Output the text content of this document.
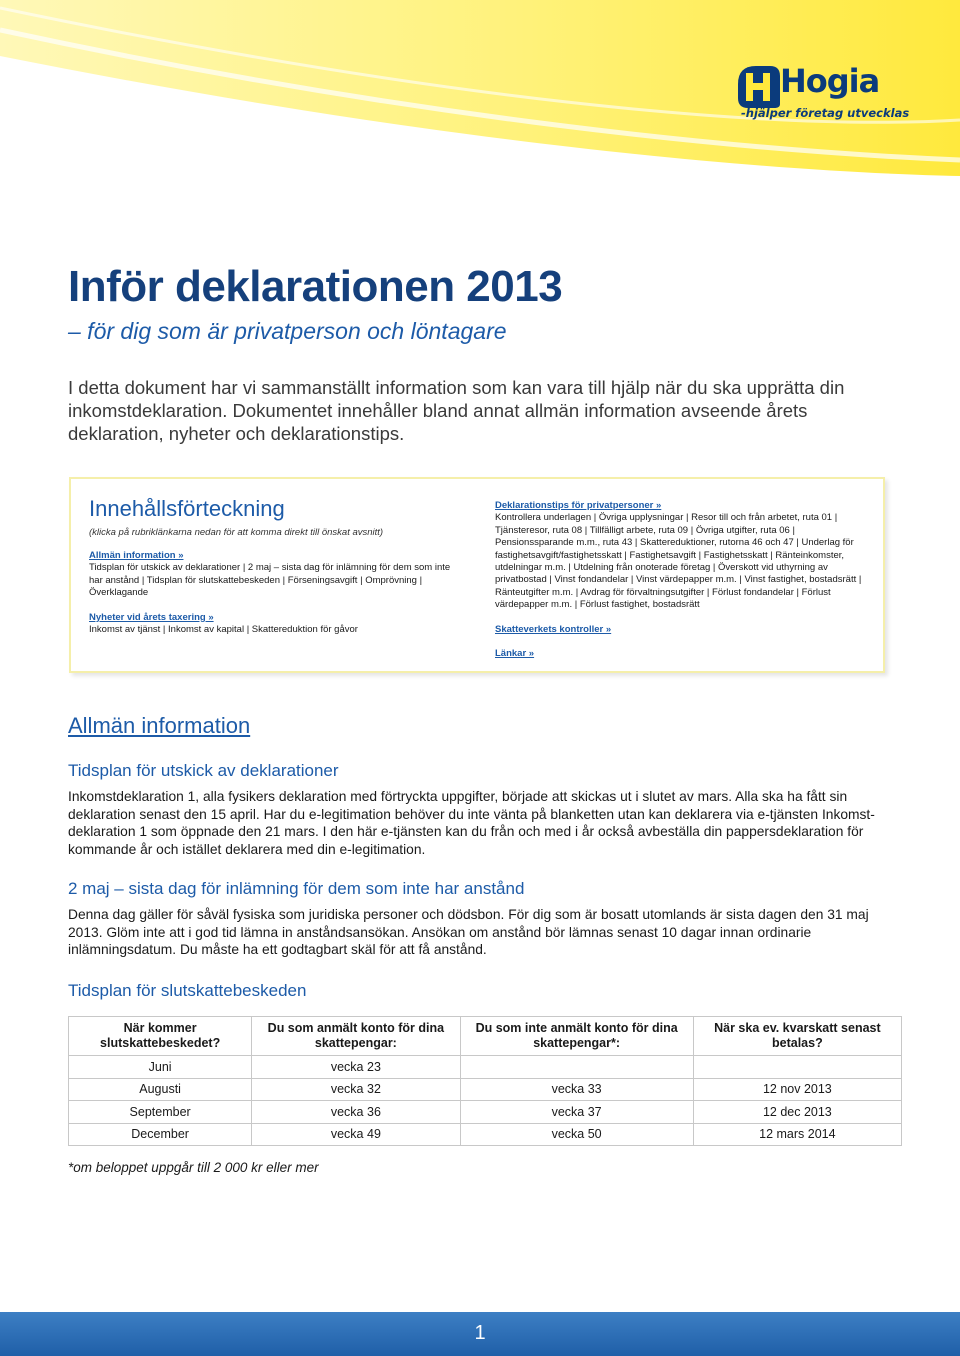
Hogia
-hjälper företag utvecklas
Inför deklarationen 2013

– för dig som är privatperson och löntagare

I detta dokument har vi sammanställt information som kan vara till hjälp när du ska upprätta din inkomstdeklaration. Dokumentet innehåller bland annat allmän information avseende årets deklaration, nyheter och deklarationstips.

Innehållsförteckning
(klicka på rubriklänkarna nedan för att komma direkt till önskat avsnitt)

Allmän information »

Tidsplan för utskick av deklarationer | 2 maj – sista dag för inlämning för dem som inte har anstånd | Tidsplan för slutskattebeskeden | Förseningsavgift | Omprövning | Överklagande

Nyheter vid årets taxering »

Inkomst av tjänst | Inkomst av kapital | Skattereduktion för gåvor

Deklarationstips för privatpersoner »

Kontrollera underlagen | Övriga upplysningar | Resor till och från arbetet, ruta 01 | Tjänsteresor, ruta 08 | Tillfälligt arbete, ruta 09 | Övriga utgifter, ruta 06 | Pensionssparande m.m., ruta 43 | Skattereduktioner, rutorna 46 och 47 | Underlag för fastighetsavgift/fastighetsskatt | Fastighetsavgift | Fastighetsskatt | Ränteinkomster, utdelningar m.m. | Utdelning från onoterade företag | Överskott vid uthyrning av privatbostad | Vinst fondandelar | Vinst värdepapper m.m. | Vinst fastighet, bostadsrätt | Ränteutgifter m.m. | Avdrag för förvaltningsutgifter | Förlust fondandelar | Förlust värdepapper m.m. | Förlust fastighet, bostadsrätt

Skatteverkets kontroller »

Länkar »

Allmän information
Tidsplan för utskick av deklarationer

Inkomstdeklaration 1, alla fysikers deklaration med förtryckta uppgifter, började att skickas ut i slutet av mars. Alla ska ha fått sin deklaration senast den 15 april. Har du e-legitimation behöver du inte vänta på blanketten utan kan deklarera via e-tjänsten Inkomst-deklaration 1 som öppnade den 21 mars. I den här e-tjänsten kan du från och med i år också avbeställa din pappersdeklaration för kommande år och istället deklarera med din e-legitimation.

2 maj – sista dag för inlämning för dem som inte har anstånd

Denna dag gäller för såväl fysiska som juridiska personer och dödsbon. För dig som är bosatt utomlands är sista dagen den 31 maj 2013. Glöm inte att i god tid lämna in anståndsansökan. Ansökan om anstånd bör lämnas senast 10 dagar innan ordinarie inlämningsdatum. Du måste ha ett godtagbart skäl för att få anstånd.

Tidsplan för slutskattebeskeden
När kommer slutskattebeskedet?	Du som anmält konto för dina skattepengar:	Du som inte anmält konto för dina skattepengar*:	När ska ev. kvarskatt senast betalas?
Juni	vecka 23		
Augusti	vecka 32	vecka 33	12 nov 2013
September	vecka 36	vecka 37	12 dec 2013
December	vecka 49	vecka 50	12 mars 2014
*om beloppet uppgår till 2 000 kr eller mer
1
